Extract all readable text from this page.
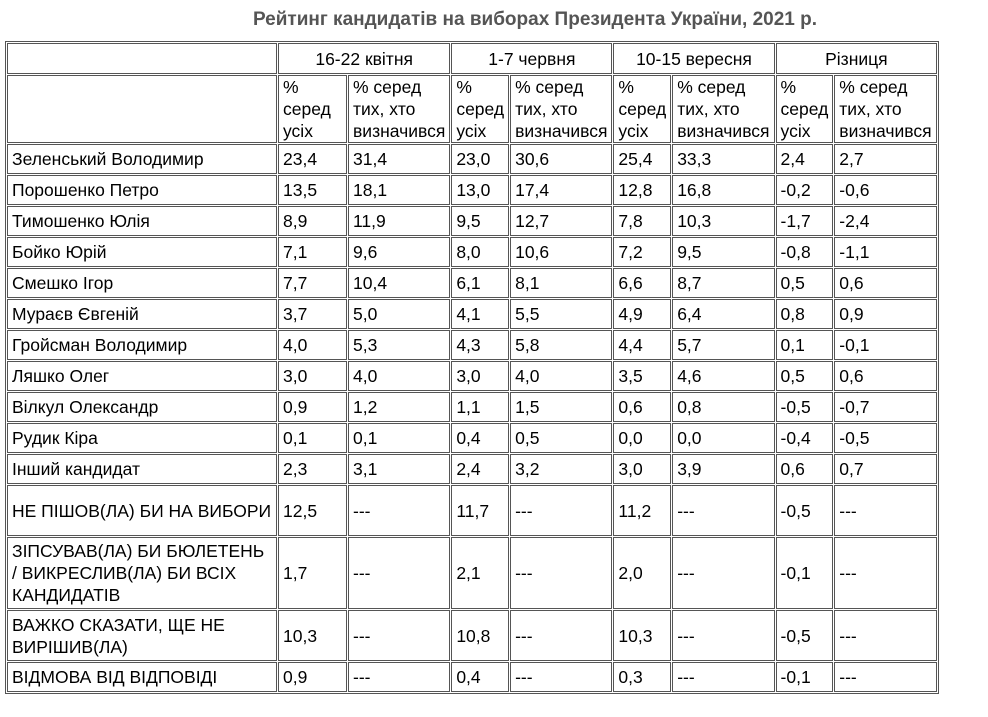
Рейтинг кандидатів на виборах Президента України, 2021 р.
	16-22 квітня		1-7 червня		10-15 вересня		Різниця	
	% серед усіх	% серед тих, хто визначився	% серед усіх	% серед тих, хто визначився	% серед усіх	% серед тих, хто визначився	% серед усіх	% серед тих, хто визначився
Зеленський Володимир	23,4	31,4	23,0	30,6	25,4	33,3	2,4	2,7
Порошенко Петро	13,5	18,1	13,0	17,4	12,8	16,8	-0,2	-0,6
Тимошенко Юлія	8,9	11,9	9,5	12,7	7,8	10,3	-1,7	-2,4
Бойко Юрій	7,1	9,6	8,0	10,6	7,2	9,5	-0,8	-1,1
Смешко Ігор	7,7	10,4	6,1	8,1	6,6	8,7	0,5	0,6
Мураєв Євгеній	3,7	5,0	4,1	5,5	4,9	6,4	0,8	0,9
Гройсман Володимир	4,0	5,3	4,3	5,8	4,4	5,7	0,1	-0,1
Ляшко Олег	3,0	4,0	3,0	4,0	3,5	4,6	0,5	0,6
Вілкул Олександр	0,9	1,2	1,1	1,5	0,6	0,8	-0,5	-0,7
Рудик Кіра	0,1	0,1	0,4	0,5	0,0	0,0	-0,4	-0,5
Інший кандидат	2,3	3,1	2,4	3,2	3,0	3,9	0,6	0,7
НЕ ПІШОВ(ЛА) БИ НА ВИБОРИ	12,5	---	11,7	---	11,2	---	-0,5	---
ЗІПСУВАВ(ЛА) БИ БЮЛЕТЕНЬ / ВИКРЕСЛИВ(ЛА) БИ ВСІХ КАНДИДАТІВ	1,7	---	2,1	---	2,0	---	-0,1	---
ВАЖКО СКАЗАТИ, ЩЕ НЕ ВИРІШИВ(ЛА)	10,3	---	10,8	---	10,3	---	-0,5	---
ВІДМОВА ВІД ВІДПОВІДІ	0,9	---	0,4	---	0,3	---	-0,1	---
